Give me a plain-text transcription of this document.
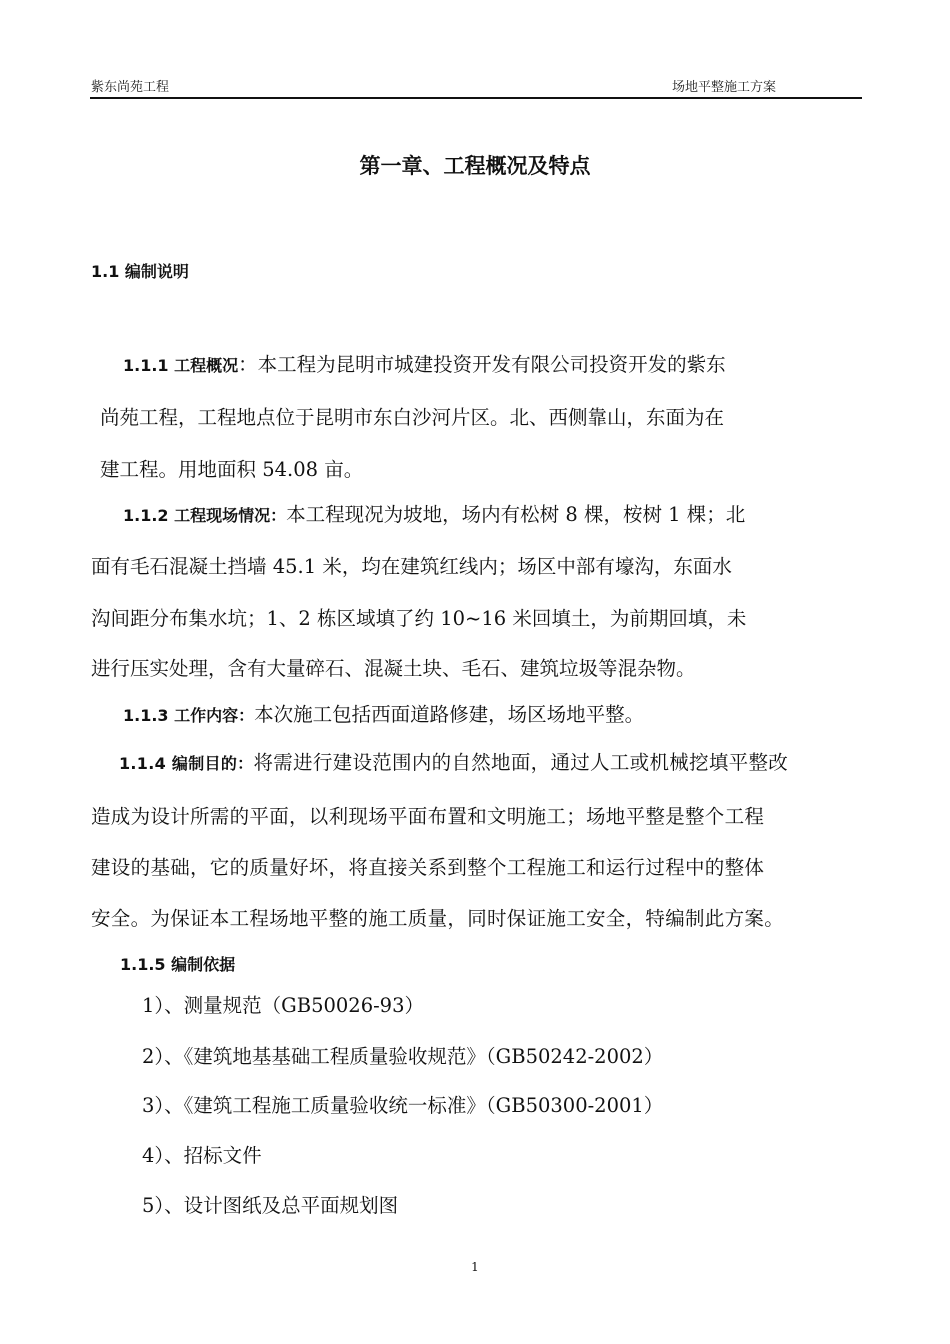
紫东尚苑工程	场地平整施工方案
第一章、工程概况及特点
1.1 编制说明
1.1.1 工程概况：本工程为昆明市城建投资开发有限公司投资开发的紫东
尚苑工程，工程地点位于昆明市东白沙河片区。北、西侧靠山，东面为在
建工程。用地面积 54.08 亩。
1.1.2 工程现场情况：本工程现况为坡地，场内有松树 8 棵，桉树 1 棵；北
面有毛石混凝土挡墙 45.1 米，均在建筑红线内；场区中部有壕沟，东面水
沟间距分布集水坑；1、2 栋区域填了约 10~16 米回填土，为前期回填，未
进行压实处理，含有大量碎石、混凝土块、毛石、建筑垃圾等混杂物。
1.1.3 工作内容：本次施工包括西面道路修建，场区场地平整。
1.1.4 编制目的：将需进行建设范围内的自然地面，通过人工或机械挖填平整改
造成为设计所需的平面，以利现场平面布置和文明施工；场地平整是整个工程
建设的基础，它的质量好坏，将直接关系到整个工程施工和运行过程中的整体
安全。为保证本工程场地平整的施工质量，同时保证施工安全，特编制此方案。
1.1.5 编制依据
1）、测量规范（GB50026-93）
2）、《建筑地基基础工程质量验收规范》（GB50242-2002）
3）、《建筑工程施工质量验收统一标准》（GB50300-2001）
4）、招标文件
5）、设计图纸及总平面规划图
1
